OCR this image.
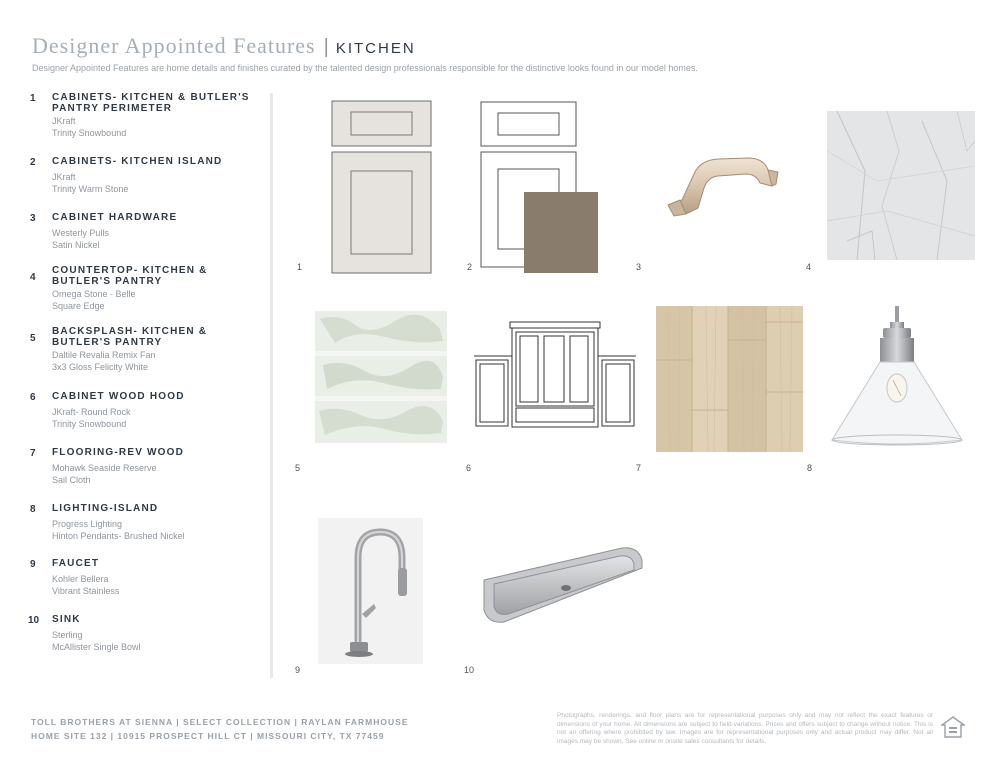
Designer Appointed Features | KITCHEN
Designer Appointed Features are home details and finishes curated by the talented design professionals responsible for the distinctive looks found in our model homes.
1	CABINETS- KITCHEN & BUTLER'S PANTRY PERIMETER
JKraft
Trinity Snowbound
2	CABINETS- KITCHEN ISLAND
JKraft
Trinity Warm Stone
3	CABINET HARDWARE
Westerly Pulls
Satin Nickel
4
COUNTERTOP- KITCHEN & BUTLER'S PANTRY
Omega Stone - Belle
Square Edge
5
BACKSPLASH- KITCHEN & BUTLER'S PANTRY
Daltile Revalia Remix Fan
3x3 Gloss Felicity White
6	CABINET WOOD HOOD
JKraft- Round Rock
Trinity Snowbound
7	FLOORING-REV WOOD
Mohawk Seaside Reserve
Sail Cloth
8	LIGHTING-ISLAND
Progress Lighting
Hinton Pendants- Brushed Nickel
9	FAUCET
Kohler Bellera
Vibrant Stainless
10 SINK
Sterling
McAllister Single Bowl
1	2	3	4
5	6	7	8
9	10
TOLL BROTHERS AT SIENNA | SELECT COLLECTION | RAYLAN FARMHOUSE
HOME SITE 132 | 10915 PROSPECT HILL CT | MISSOURI CITY, TX 77459
Photographs, renderings, and floor plans are for representational purposes only and may not reflect the exact features or dimensions of your home. All dimensions are subject to field variations. Prices and offers subject to change without notice. This is not an offering where prohibited by law. Images are for representational purposes only and actual product may differ. Not all images may be shown. See online or onsite sales consultants for details.
